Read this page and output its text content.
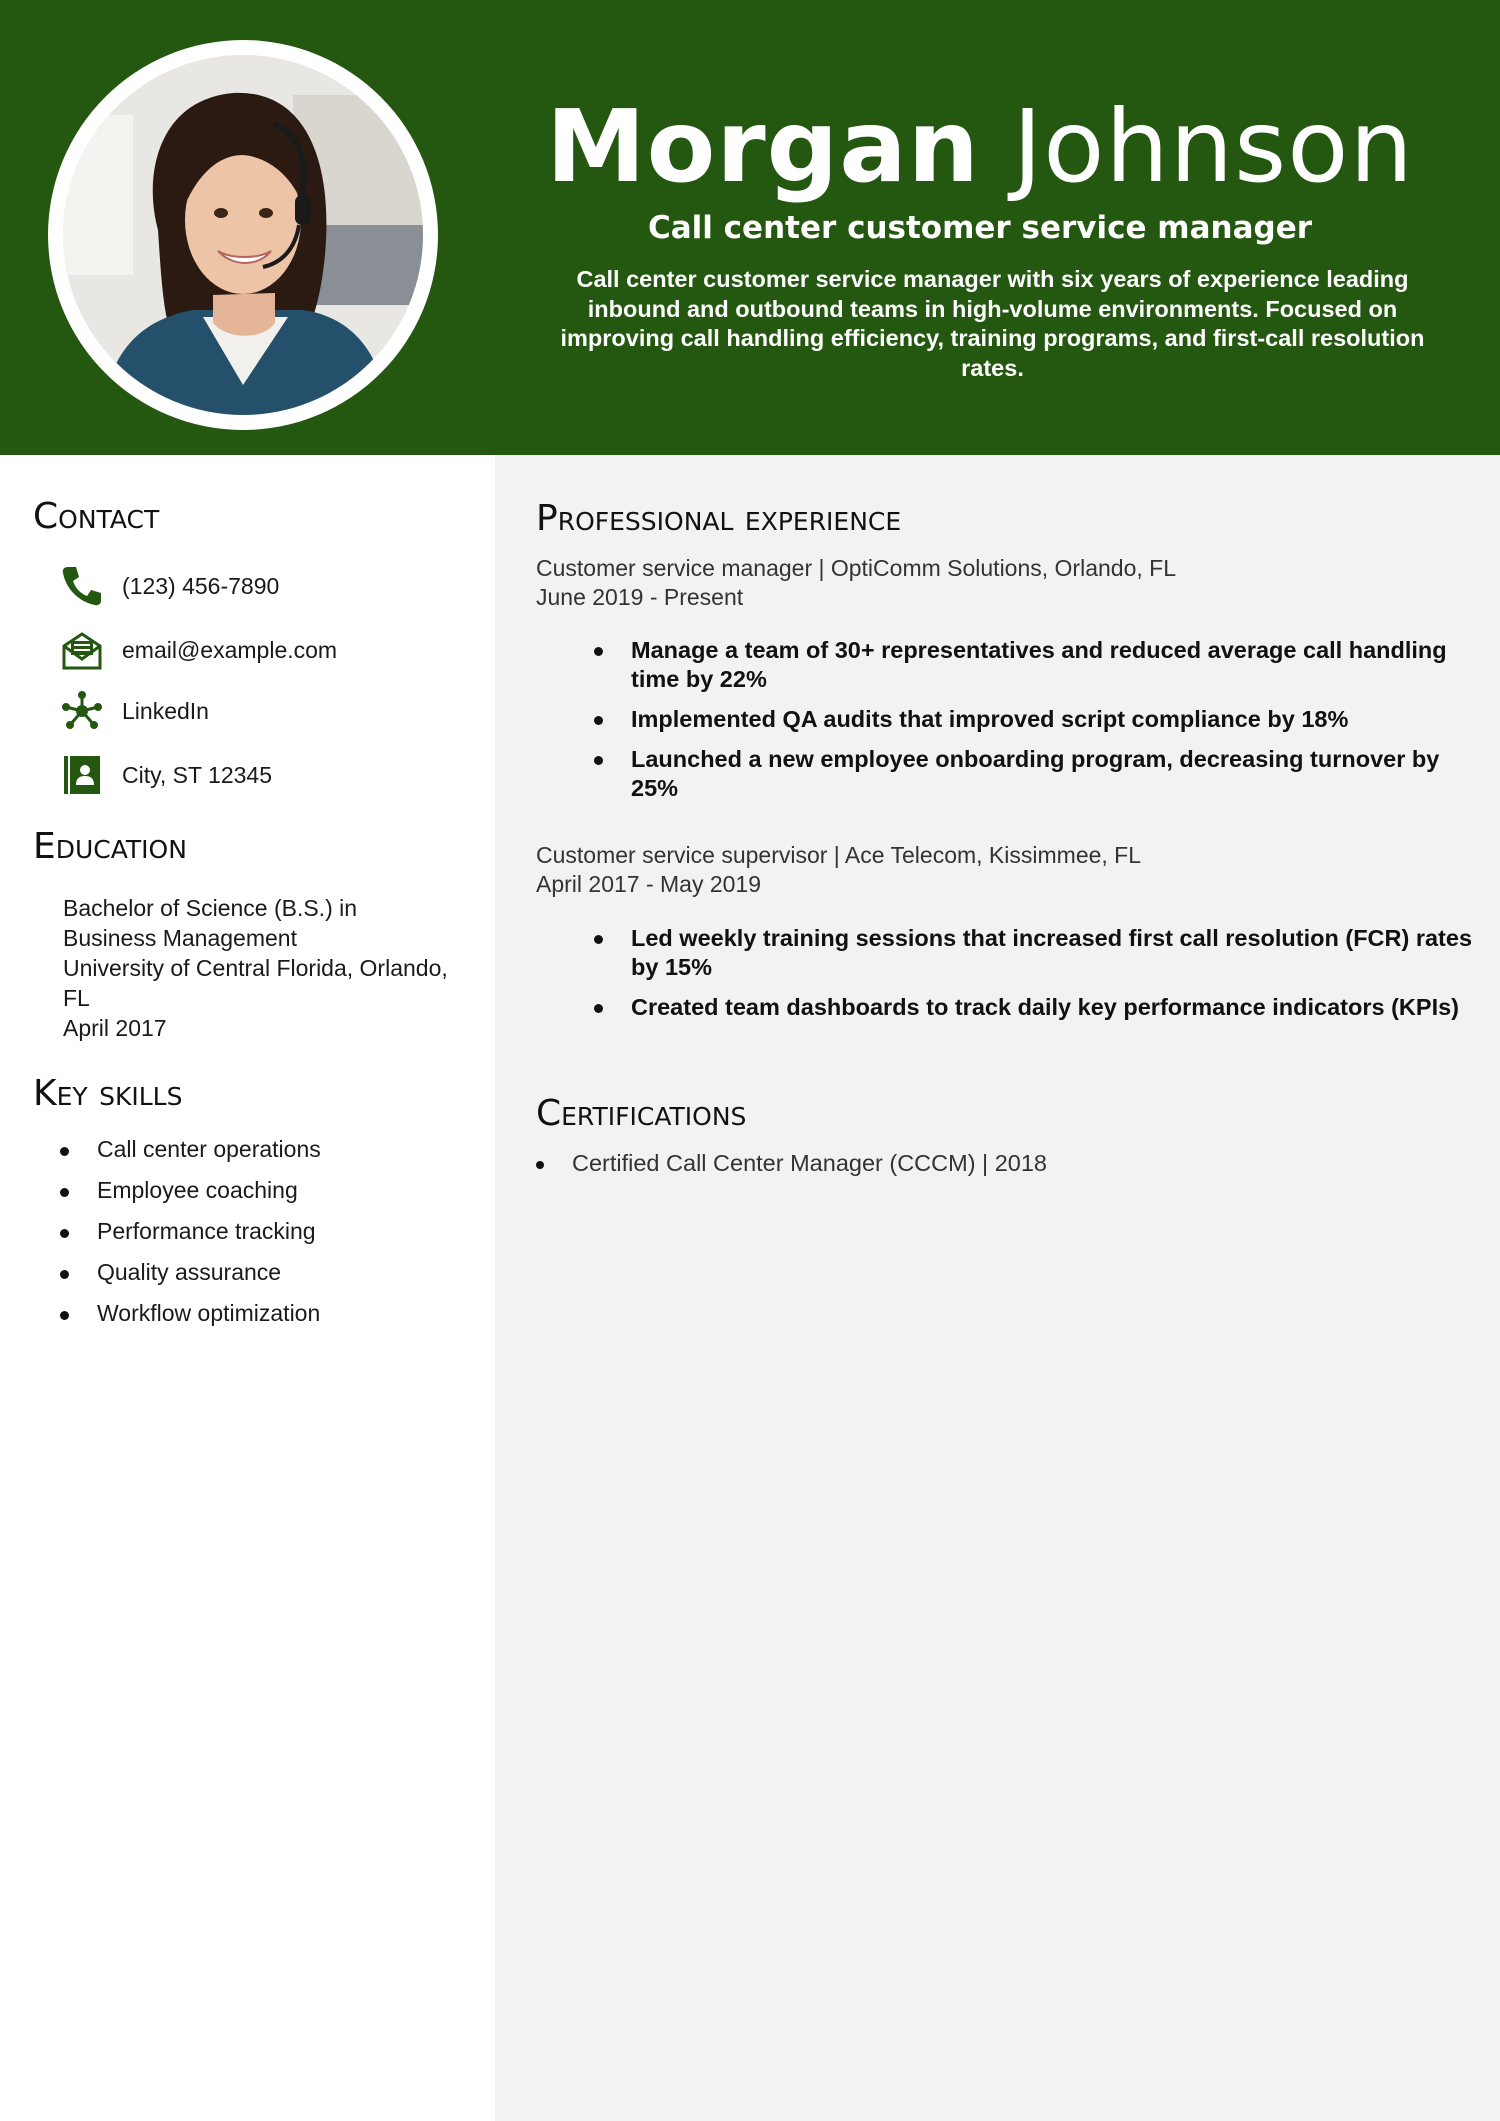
Morgan Johnson
Call center customer service manager
Call center customer service manager with six years of experience leading inbound and outbound teams in high-volume environments. Focused on improving call handling efficiency, training programs, and first-call resolution rates.
Contact
(123) 456-7890
email@example.com
LinkedIn
City, ST 12345
Education
Bachelor of Science (B.S.) in
Business Management
University of Central Florida, Orlando,
FL
April 2017
Key skills
Call center operations
Employee coaching
Performance tracking
Quality assurance
Workflow optimization
Professional experience
Customer service manager | OptiComm Solutions, Orlando, FL
June 2019 - Present
Manage a team of 30+ representatives and reduced average call handling time by 22%
Implemented QA audits that improved script compliance by 18%
Launched a new employee onboarding program, decreasing turnover by 25%
Customer service supervisor | Ace Telecom, Kissimmee, FL
April 2017 - May 2019
Led weekly training sessions that increased first call resolution (FCR) rates by 15%
Created team dashboards to track daily key performance indicators (KPIs)
Certifications
Certified Call Center Manager (CCCM) | 2018
